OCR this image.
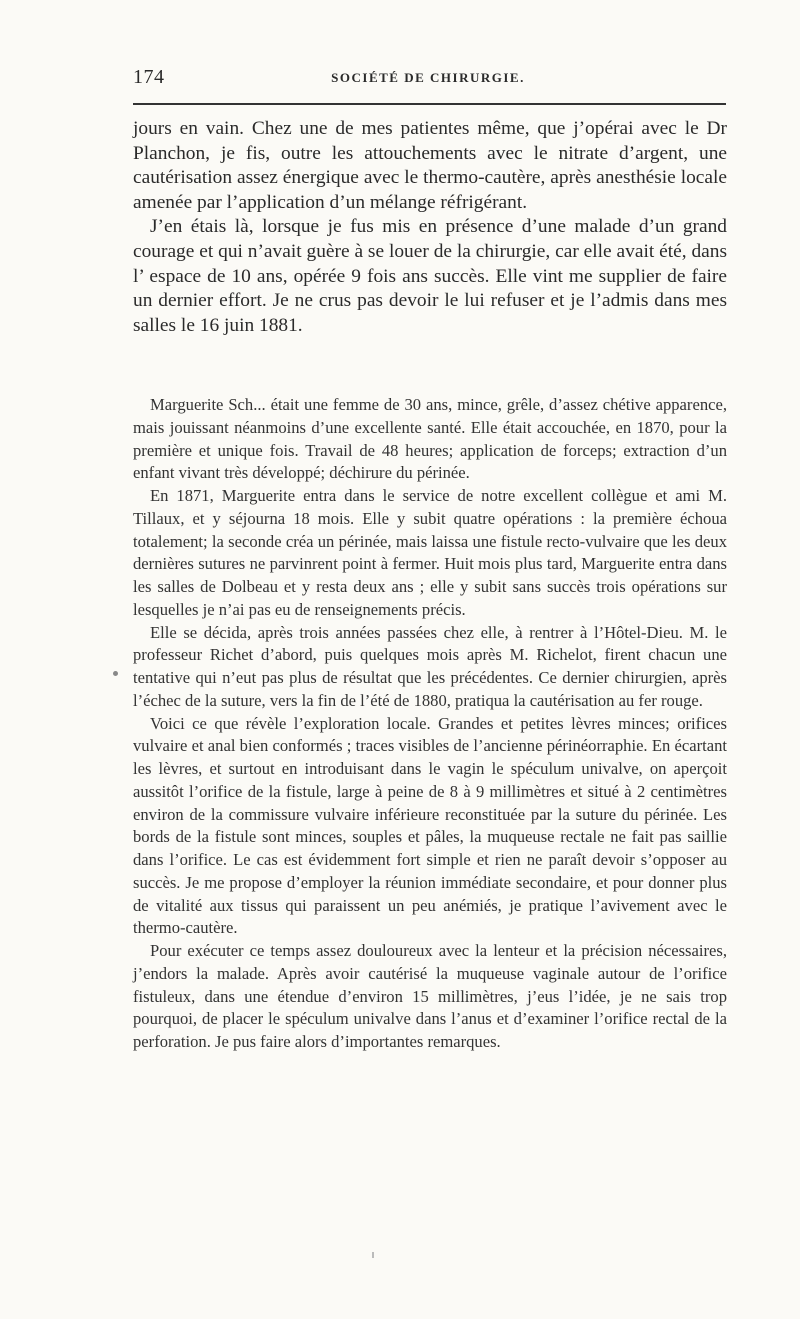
174	SOCIÉTÉ DE CHIRURGIE.

jours en vain. Chez une de mes patientes même, que j’opérai avec le Dr Planchon, je fis, outre les attouchements avec le nitrate d’argent, une cautérisation assez énergique avec le thermo-cautère, après anesthésie locale amenée par l’application d’un mélange réfrigérant.

J’en étais là, lorsque je fus mis en présence d’une malade d’un grand courage et qui n’avait guère à se louer de la chirurgie, car elle avait été, dans l’ espace de 10 ans, opérée 9 fois ans succès. Elle vint me supplier de faire un dernier effort. Je ne crus pas devoir le lui refuser et je l’admis dans mes salles le 16 juin 1881.

Marguerite Sch... était une femme de 30 ans, mince, grêle, d’assez chétive apparence, mais jouissant néanmoins d’une excellente santé. Elle était accouchée, en 1870, pour la première et unique fois. Travail de 48 heures; application de forceps; extraction d’un enfant vivant très développé; déchirure du périnée.

En 1871, Marguerite entra dans le service de notre excellent collègue et ami M. Tillaux, et y séjourna 18 mois. Elle y subit quatre opérations : la première échoua totalement; la seconde créa un périnée, mais laissa une fistule recto-vulvaire que les deux dernières sutures ne parvinrent point à fermer. Huit mois plus tard, Marguerite entra dans les salles de Dolbeau et y resta deux ans ; elle y subit sans succès trois opérations sur lesquelles je n’ai pas eu de renseignements précis.

Elle se décida, après trois années passées chez elle, à rentrer à l’Hôtel-Dieu. M. le professeur Richet d’abord, puis quelques mois après M. Richelot, firent chacun une tentative qui n’eut pas plus de résultat que les précédentes. Ce dernier chirurgien, après l’échec de la suture, vers la fin de l’été de 1880, pratiqua la cautérisation au fer rouge.

Voici ce que révèle l’exploration locale. Grandes et petites lèvres minces; orifices vulvaire et anal bien conformés ; traces visibles de l’ancienne périnéorraphie. En écartant les lèvres, et surtout en introduisant dans le vagin le spéculum univalve, on aperçoit aussitôt l’orifice de la fistule, large à peine de 8 à 9 millimètres et situé à 2 centimètres environ de la commissure vulvaire inférieure reconstituée par la suture du périnée. Les bords de la fistule sont minces, souples et pâles, la muqueuse rectale ne fait pas saillie dans l’orifice. Le cas est évidemment fort simple et rien ne paraît devoir s’opposer au succès. Je me propose d’employer la réunion immédiate secondaire, et pour donner plus de vitalité aux tissus qui paraissent un peu anémiés, je pratique l’avivement avec le thermo-cautère.

Pour exécuter ce temps assez douloureux avec la lenteur et la précision nécessaires, j’endors la malade. Après avoir cautérisé la muqueuse vaginale autour de l’orifice fistuleux, dans une étendue d’environ 15 millimètres, j’eus l’idée, je ne sais trop pourquoi, de placer le spéculum univalve dans l’anus et d’examiner l’orifice rectal de la perforation. Je pus faire alors d’importantes remarques.
